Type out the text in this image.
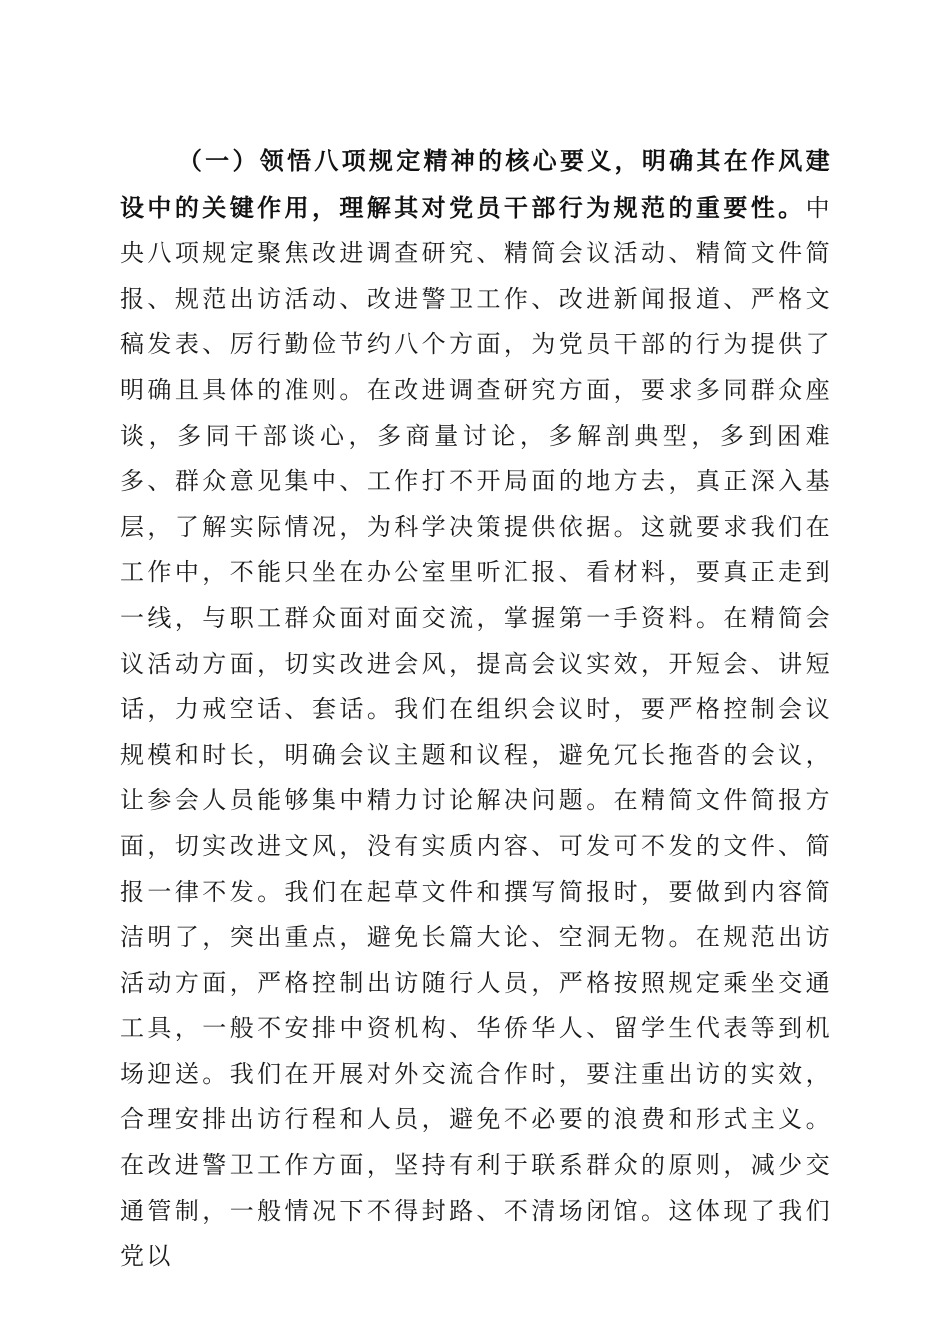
（一）领悟八项规定精神的核心要义，明确其在作风建设中的关键作用，理解其对党员干部行为规范的重要性。中央八项规定聚焦改进调查研究、精简会议活动、精简文件简报、规范出访活动、改进警卫工作、改进新闻报道、严格文稿发表、厉行勤俭节约八个方面，为党员干部的行为提供了明确且具体的准则。在改进调查研究方面，要求多同群众座谈，多同干部谈心，多商量讨论，多解剖典型，多到困难多、群众意见集中、工作打不开局面的地方去，真正深入基层，了解实际情况，为科学决策提供依据。这就要求我们在工作中，不能只坐在办公室里听汇报、看材料，要真正走到一线，与职工群众面对面交流，掌握第一手资料。在精简会议活动方面，切实改进会风，提高会议实效，开短会、讲短话，力戒空话、套话。我们在组织会议时，要严格控制会议规模和时长，明确会议主题和议程，避免冗长拖沓的会议，让参会人员能够集中精力讨论解决问题。在精简文件简报方面，切实改进文风，没有实质内容、可发可不发的文件、简报一律不发。我们在起草文件和撰写简报时，要做到内容简洁明了，突出重点，避免长篇大论、空洞无物。在规范出访活动方面，严格控制出访随行人员，严格按照规定乘坐交通工具，一般不安排中资机构、华侨华人、留学生代表等到机场迎送。我们在开展对外交流合作时，要注重出访的实效，合理安排出访行程和人员，避免不必要的浪费和形式主义。在改进警卫工作方面，坚持有利于联系群众的原则，减少交通管制，一般情况下不得封路、不清场闭馆。这体现了我们党以
